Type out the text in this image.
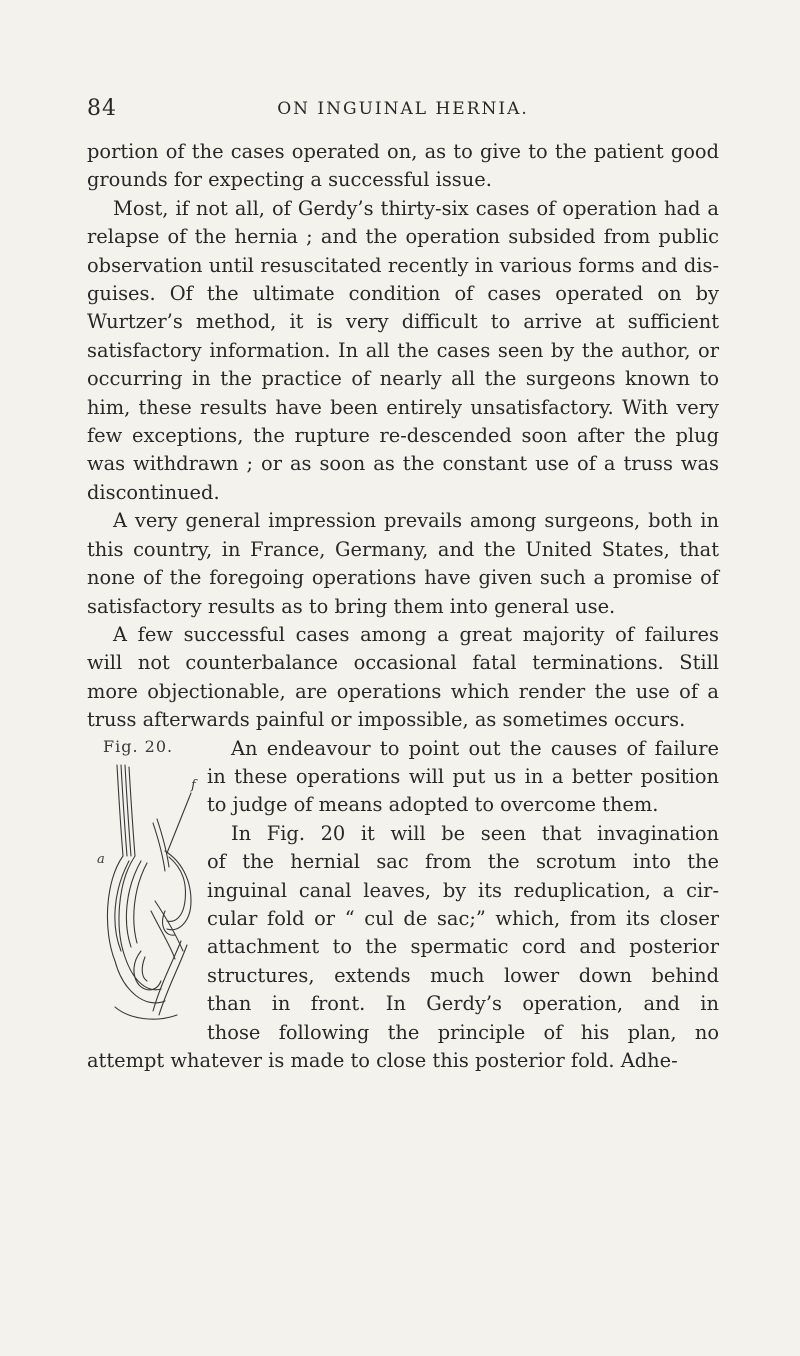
84	ON INGUINAL HERNIA.

portion of the cases operated on, as to give to the patient good grounds for expecting a successful issue.

Most, if not all, of Gerdy’s thirty-six cases of operation had a relapse of the hernia ; and the operation subsided from public observation until resuscitated recently in various forms and dis- guises. Of the ultimate condition of cases operated on by Wurtzer’s method, it is very difficult to arrive at sufficient satisfactory information. In all the cases seen by the author, or occurring in the practice of nearly all the surgeons known to him, these results have been entirely unsatisfactory. With very few exceptions, the rupture re-descended soon after the plug was withdrawn ; or as soon as the constant use of a truss was discontinued.

A very general impression prevails among surgeons, both in this country, in France, Germany, and the United States, that none of the foregoing operations have given such a promise of satisfactory results as to bring them into general use.

A few successful cases among a great majority of failures will not counterbalance occasional fatal terminations. Still more objectionable, are operations which render the use of a truss afterwards painful or impossible, as sometimes occurs.

An endeavour to point out the causes of failure
in these operations will put us in a better position
to judge of means adopted to overcome them.
In Fig. 20 it will be seen that invagination
of the hernial sac from the scrotum into the
inguinal canal leaves, by its reduplication, a cir-
cular fold or “ cul de sac;” which, from its closer
attachment to the spermatic cord and posterior
structures, extends much lower down behind
than in front. In Gerdy’s operation, and in
those following the principle of his plan, no
attempt whatever is made to close this posterior fold. Adhe-
Fig. 20.
a
f
